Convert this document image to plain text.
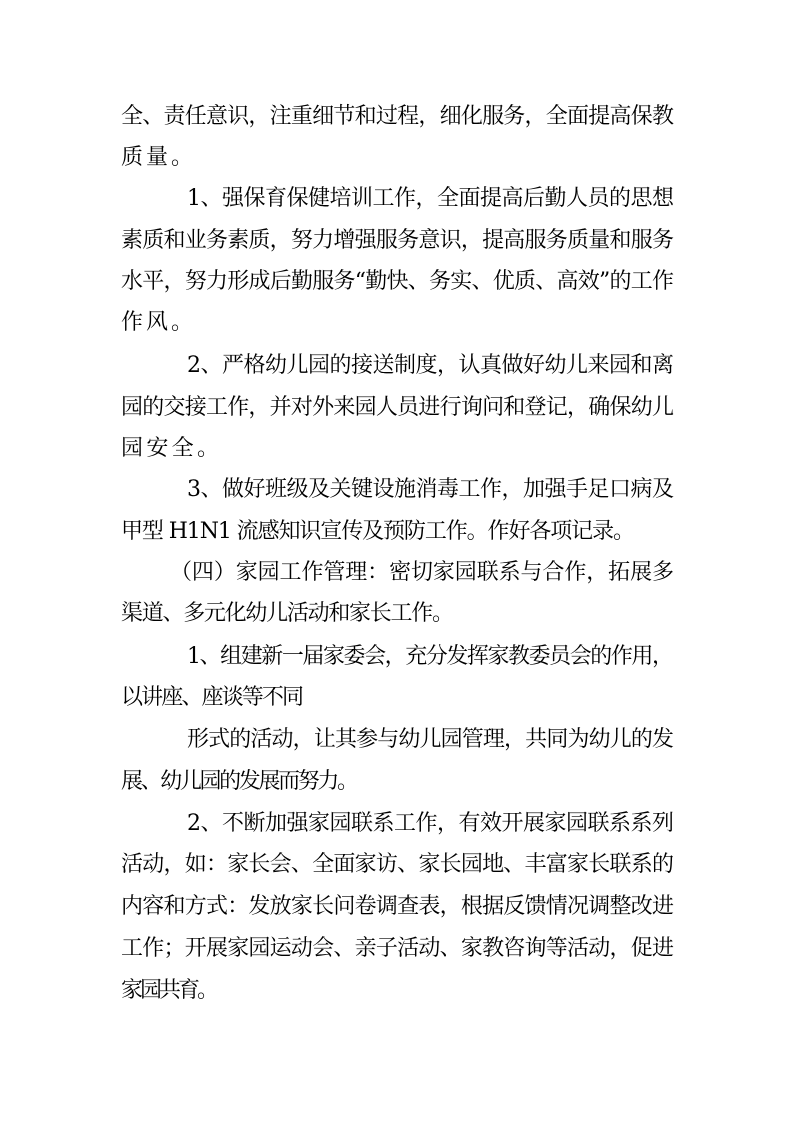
全、责任意识，注重细节和过程，细化服务，全面提高保教
质量。
1、强保育保健培训工作，全面提高后勤人员的思想
素质和业务素质，努力增强服务意识，提高服务质量和服务
水平，努力形成后勤服务“勤快、务实、优质、高效”的工作
作风。
2、严格幼儿园的接送制度，认真做好幼儿来园和离
园的交接工作，并对外来园人员进行询问和登记，确保幼儿
园安全。
3、做好班级及关键设施消毒工作，加强手足口病及
甲型 H1N1 流感知识宣传及预防工作。作好各项记录。
（四）家园工作管理：密切家园联系与合作，拓展多
渠道、多元化幼儿活动和家长工作。
1、组建新一届家委会，充分发挥家教委员会的作用，
以讲座、座谈等不同
形式的活动，让其参与幼儿园管理，共同为幼儿的发
展、幼儿园的发展而努力。
2、不断加强家园联系工作，有效开展家园联系系列
活动，如：家长会、全面家访、家长园地、丰富家长联系的
内容和方式：发放家长问卷调查表，根据反馈情况调整改进
工作；开展家园运动会、亲子活动、家教咨询等活动，促进
家园共育。
